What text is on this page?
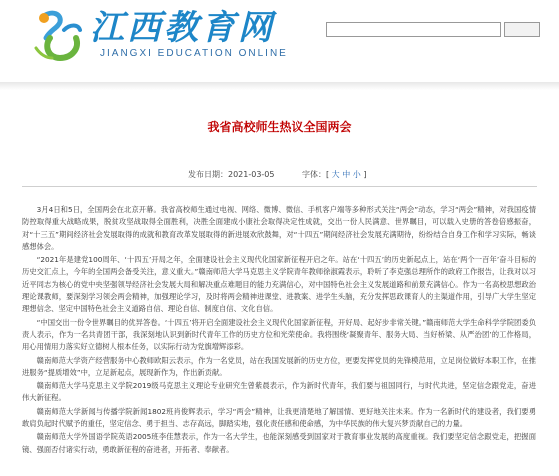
江西教育网
JIANGXI EDUCATION ONLINE
我省高校师生热议全国两会
发布日期：2021-03-05	字体：[ 大 中 小 ]

3月4日和5日，全国两会在北京开幕。我省高校师生通过电视、网络、微博、微信、手机客户端等多种形式关注“两会”动态，学习“两会”精神，对我国疫情防控取得重大战略成果，脱贫攻坚战取得全面胜利，决胜全面建成小康社会取得决定性成就，交出一份人民满意、世界瞩目，可以载入史册的答卷倍感振奋，对“十三五”期间经济社会发展取得的成就和教育改革发展取得的新进展欢欣鼓舞，对“十四五”期间经济社会发展充满期待，纷纷结合自身工作和学习实际，畅谈感想体会。

“2021年是建党100周年、‘十四五’开局之年，全面建设社会主义现代化国家新征程开启之年。站在‘十四五’的历史新起点上，站在‘两个一百年’奋斗目标的历史交汇点上，今年的全国两会备受关注，意义重大。”赣南师范大学马克思主义学院青年教师徐淑霞表示，聆听了李克强总理所作的政府工作报告，让我对以习近平同志为核心的党中央坚强领导经济社会发展大局和解决重点难题目的能力充满信心，对中国特色社会主义发展道路和前景充满信心。作为一名高校思想政治理论课教师，要深刻学习领会两会精神，加强理论学习，及时将两会精神进课堂、进教案、进学生头脑，充分发挥思政课育人的主渠道作用，引导广大学生坚定理想信念、坚定中国特色社会主义道路自信、理论自信、制度自信、文化自信。

“中国交出一份令世界瞩目的优异答卷。‘十四五’将开启全面建设社会主义现代化国家新征程，开好局、起好步非常关键。”赣南师范大学生命科学学院团委负责人表示，作为一名共青团干部，我深刻地认识到新时代青年工作的历史方位和光荣使命。我将围绕‘凝聚青年、服务大局、当好桥梁、从严治团’的工作格局，用心用情用力落实好立德树人根本任务，以实际行动为党旗增辉添彩。

赣南师范大学资产经营服务中心教师欧阳云表示，作为一名党员，站在我国发展新的历史方位，更要发挥党员的先锋模范用，立足岗位做好本职工作，在推进服务“提质增效”中，立足新起点，展现新作为，作出新贡献。

赣南师范大学马克思主义学院2019级马克思主义理论专业研究生曾紫晨表示，作为新时代青年，我们要与祖国同行，与时代共进，坚定信念跟党走，奋进伟大新征程。

赣南师范大学新闻与传播学院新闻1802班肖俊辉表示，学习“两会”精神，让我更清楚地了解国情、更好地关注未来。作为一名新时代的建设者，我们要勇敢肩负起时代赋予的重任，坚定信念、勇于担当、志存高远，脚踏实地，强化责任感和使命感，为中华民族的伟大复兴梦贡献自己的力量。

赣南师范大学外国语学院英语2005班李佳慧表示，作为一名大学生，也能深刻感受到国家对于教育事业发展的高度重视。我们要坚定信念跟党走，把握面镜、强面否付诸实行动，勇敢新征程的奋进者，开拓者、奉献者。
